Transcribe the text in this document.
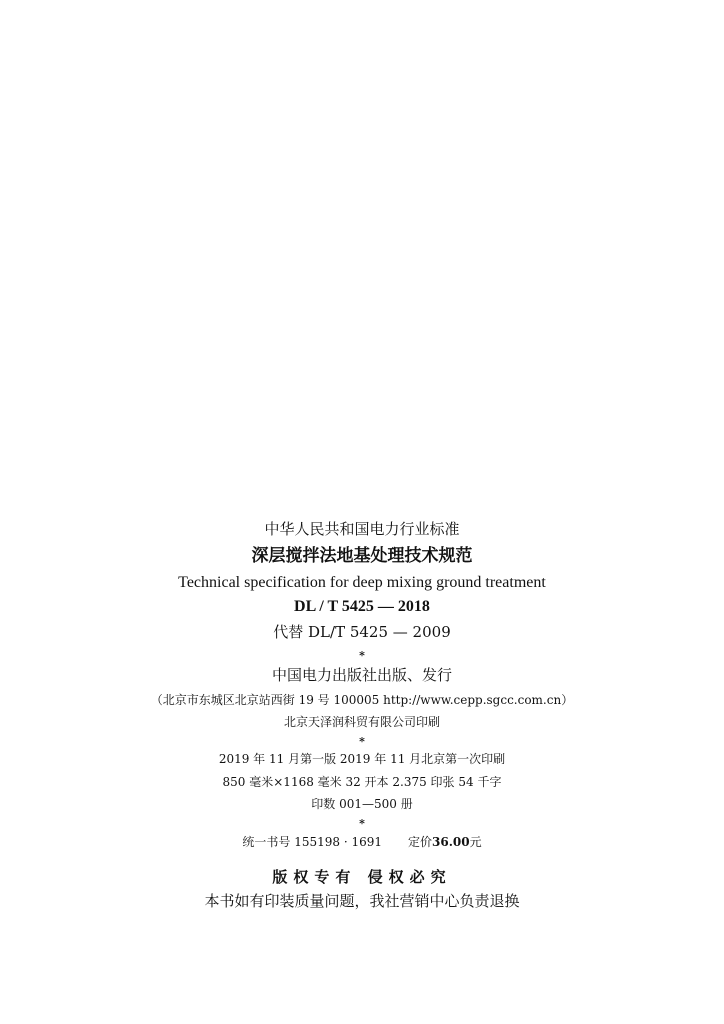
中华人民共和国电力行业标准
深层搅拌法地基处理技术规范
Technical specification for deep mixing ground treatment
DL / T 5425 — 2018
代替 DL/T 5425 — 2009
*
中国电力出版社出版、发行
（北京市东城区北京站西街 19 号 100005 http://www.cepp.sgcc.com.cn）
北京天泽润科贸有限公司印刷
*
2019 年 11 月第一版 2019 年 11 月北京第一次印刷
850 毫米×1168 毫米 32 开本 2.375 印张 54 千字
印数 001—500 册
*
统一书号 155198 · 1691 定价36.00元
版权专有 侵权必究
本书如有印装质量问题，我社营销中心负责退换
